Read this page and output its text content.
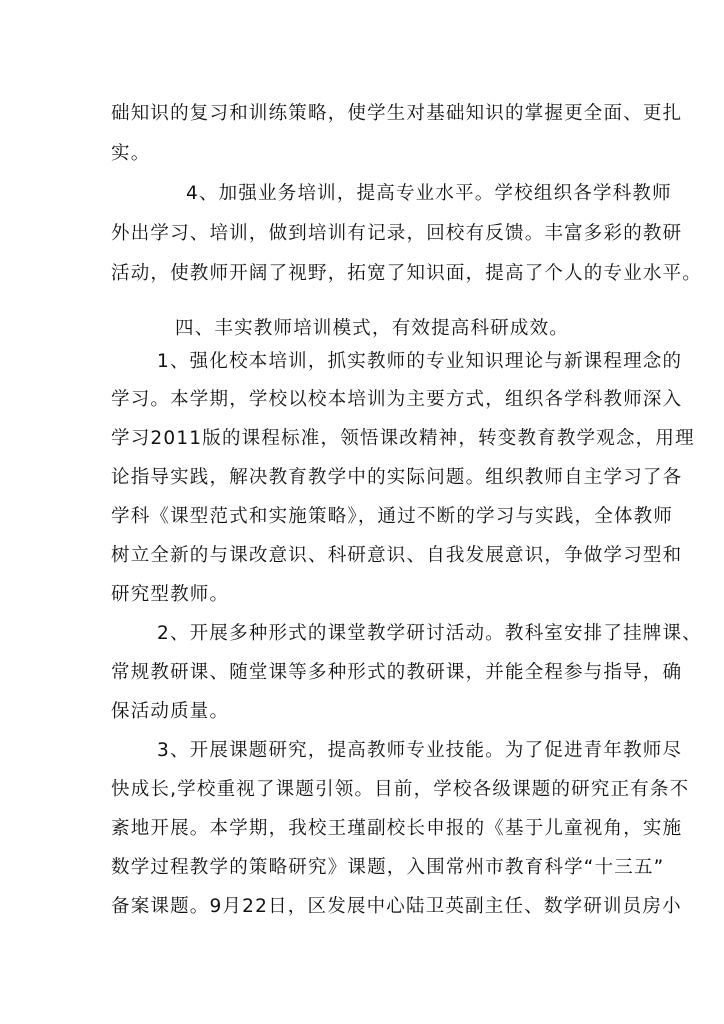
础知识的复习和训练策略，使学生对基础知识的掌握更全面、更扎
实。
4、加强业务培训，提高专业水平。学校组织各学科教师
外出学习、培训，做到培训有记录，回校有反馈。丰富多彩的教研
活动，使教师开阔了视野，拓宽了知识面，提高了个人的专业水平。
四、丰实教师培训模式，有效提高科研成效。
1、强化校本培训，抓实教师的专业知识理论与新课程理念的
学习。本学期，学校以校本培训为主要方式，组织各学科教师深入
学习2011版的课程标准，领悟课改精神，转变教育教学观念，用理
论指导实践，解决教育教学中的实际问题。组织教师自主学习了各
学科《课型范式和实施策略》，通过不断的学习与实践，全体教师
树立全新的与课改意识、科研意识、自我发展意识，争做学习型和
研究型教师。
2、开展多种形式的课堂教学研讨活动。教科室安排了挂牌课、
常规教研课、随堂课等多种形式的教研课，并能全程参与指导，确
保活动质量。
3、开展课题研究，提高教师专业技能。为了促进青年教师尽
快成长,学校重视了课题引领。目前，学校各级课题的研究正有条不
紊地开展。本学期，我校王瑾副校长申报的《基于儿童视角，实施
数学过程教学的策略研究》课题，入围常州市教育科学“十三五”
备案课题。9月22日，区发展中心陆卫英副主任、数学研训员房小
